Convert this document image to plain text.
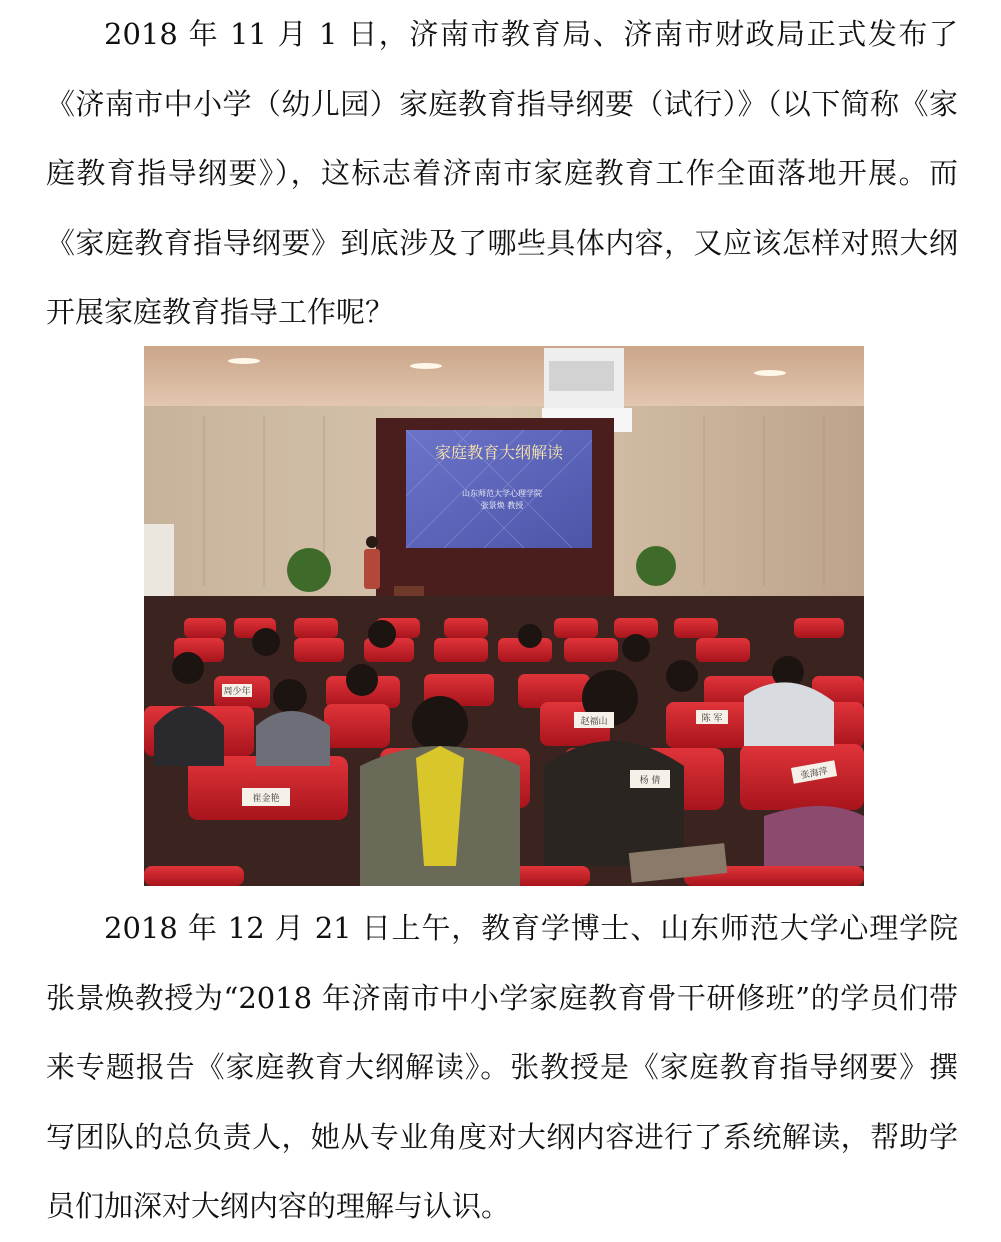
2018 年 11 月 1 日，济南市教育局、济南市财政局正式发布了《济南市中小学（幼儿园）家庭教育指导纲要（试行）》（以下简称《家庭教育指导纲要》），这标志着济南市家庭教育工作全面落地开展。而《家庭教育指导纲要》到底涉及了哪些具体内容，又应该怎样对照大纲开展家庭教育指导工作呢？

家庭教育大纲解读
山东师范大学心理学院
张景焕 教授
陈 军
张海萍
崔金艳
赵福山
杨 倩
周少年

2018 年 12 月 21 日上午，教育学博士、山东师范大学心理学院张景焕教授为“2018 年济南市中小学家庭教育骨干研修班”的学员们带来专题报告《家庭教育大纲解读》。张教授是《家庭教育指导纲要》撰写团队的总负责人，她从专业角度对大纲内容进行了系统解读，帮助学员们加深对大纲内容的理解与认识。
